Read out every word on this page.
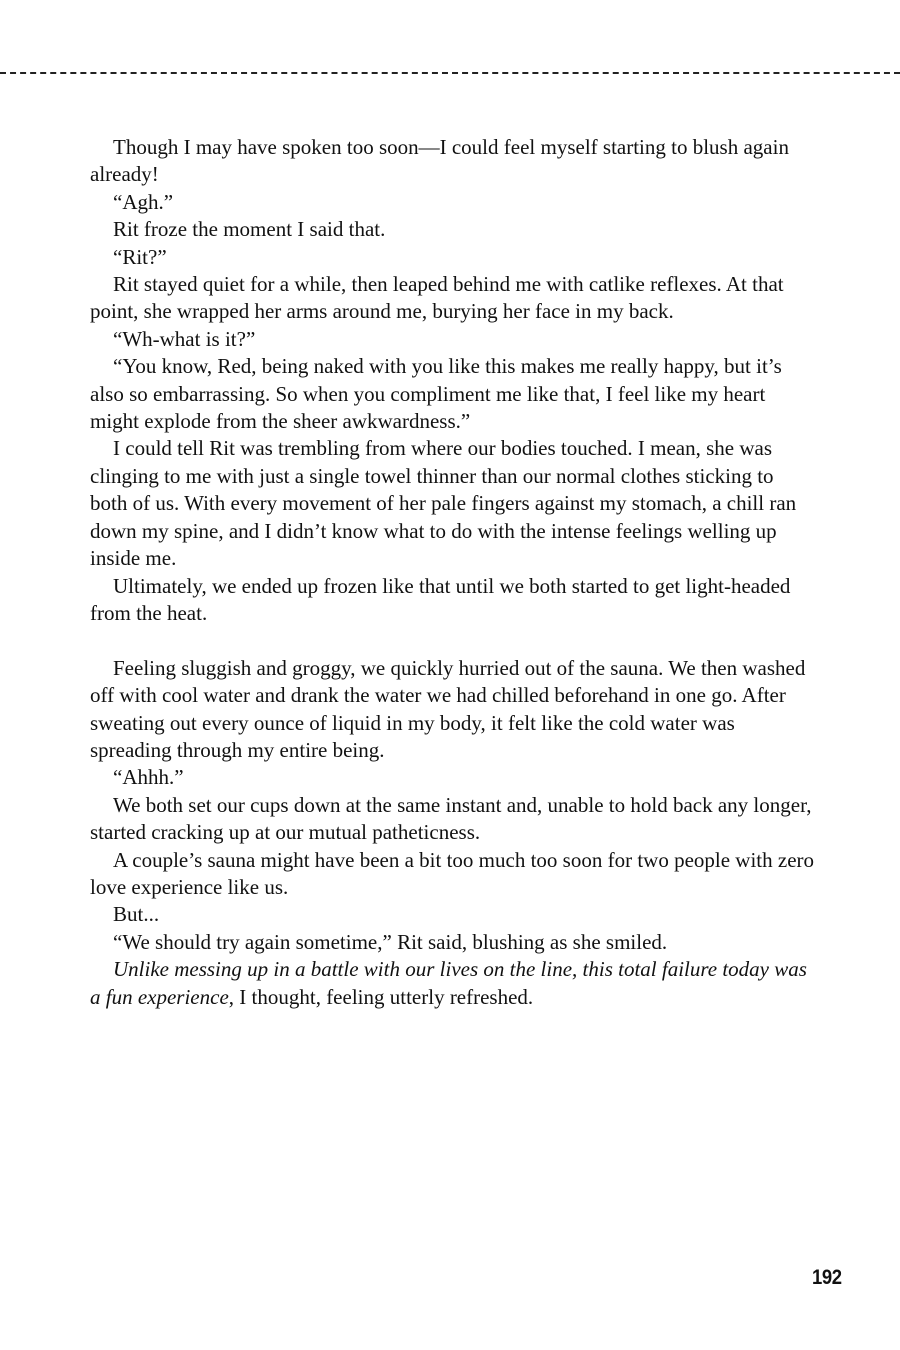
Though I may have spoken too soon—I could feel myself starting to blush again already!

“Agh.”

Rit froze the moment I said that.

“Rit?”

Rit stayed quiet for a while, then leaped behind me with catlike reflexes. At that point, she wrapped her arms around me, burying her face in my back.

“Wh-what is it?”

“You know, Red, being naked with you like this makes me really happy, but it’s also so embarrassing. So when you compliment me like that, I feel like my heart might explode from the sheer awkwardness.”

I could tell Rit was trembling from where our bodies touched. I mean, she was clinging to me with just a single towel thinner than our normal clothes sticking to both of us. With every movement of her pale fingers against my stomach, a chill ran down my spine, and I didn’t know what to do with the intense feelings welling up inside me.

Ultimately, we ended up frozen like that until we both started to get light-headed from the heat.

Feeling sluggish and groggy, we quickly hurried out of the sauna. We then washed off with cool water and drank the water we had chilled beforehand in one go. After sweating out every ounce of liquid in my body, it felt like the cold water was spreading through my entire being.

“Ahhh.”

We both set our cups down at the same instant and, unable to hold back any longer, started cracking up at our mutual patheticness.

A couple’s sauna might have been a bit too much too soon for two people with zero love experience like us.

But...

“We should try again sometime,” Rit said, blushing as she smiled.

Unlike messing up in a battle with our lives on the line, this total failure today was a fun experience, I thought, feeling utterly refreshed.

192
